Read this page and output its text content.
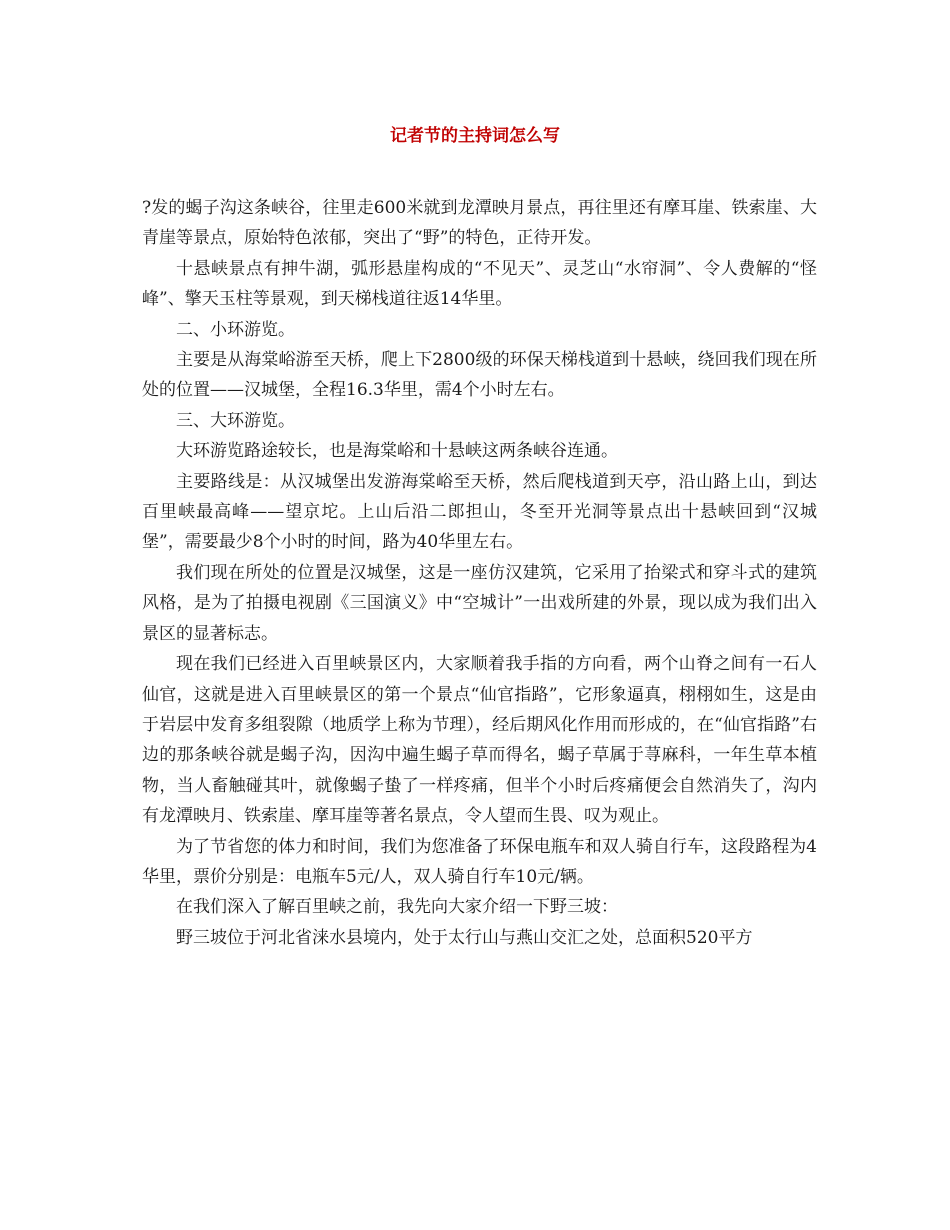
记者节的主持词怎么写

?发的蝎子沟这条峡谷，往里走600米就到龙潭映月景点，再往里还有摩耳崖、铁索崖、大青崖等景点，原始特色浓郁，突出了“野”的特色，正待开发。

十悬峡景点有抻牛湖，弧形悬崖构成的“不见天”、灵芝山“水帘洞”、令人费解的“怪峰”、擎天玉柱等景观，到天梯栈道往返14华里。

二、小环游览。

主要是从海棠峪游至天桥，爬上下2800级的环保天梯栈道到十悬峡，绕回我们现在所处的位置——汉城堡，全程16.3华里，需4个小时左右。

三、大环游览。

大环游览路途较长，也是海棠峪和十悬峡这两条峡谷连通。

主要路线是：从汉城堡出发游海棠峪至天桥，然后爬栈道到天亭，沿山路上山，到达百里峡最高峰——望京坨。上山后沿二郎担山，冬至开光洞等景点出十悬峡回到“汉城堡”，需要最少8个小时的时间，路为40华里左右。

我们现在所处的位置是汉城堡，这是一座仿汉建筑，它采用了抬梁式和穿斗式的建筑风格，是为了拍摄电视剧《三国演义》中“空城计”一出戏所建的外景，现以成为我们出入景区的显著标志。

现在我们已经进入百里峡景区内，大家顺着我手指的方向看，两个山脊之间有一石人仙官，这就是进入百里峡景区的第一个景点“仙官指路”，它形象逼真，栩栩如生，这是由于岩层中发育多组裂隙（地质学上称为节理），经后期风化作用而形成的，在“仙官指路”右边的那条峡谷就是蝎子沟，因沟中遍生蝎子草而得名，蝎子草属于荨麻科，一年生草本植物，当人畜触碰其叶，就像蝎子蛰了一样疼痛，但半个小时后疼痛便会自然消失了，沟内有龙潭映月、铁索崖、摩耳崖等著名景点，令人望而生畏、叹为观止。

为了节省您的体力和时间，我们为您准备了环保电瓶车和双人骑自行车，这段路程为4华里，票价分别是：电瓶车5元/人，双人骑自行车10元/辆。

在我们深入了解百里峡之前，我先向大家介绍一下野三坡：

野三坡位于河北省涞水县境内，处于太行山与燕山交汇之处，总面积520平方
